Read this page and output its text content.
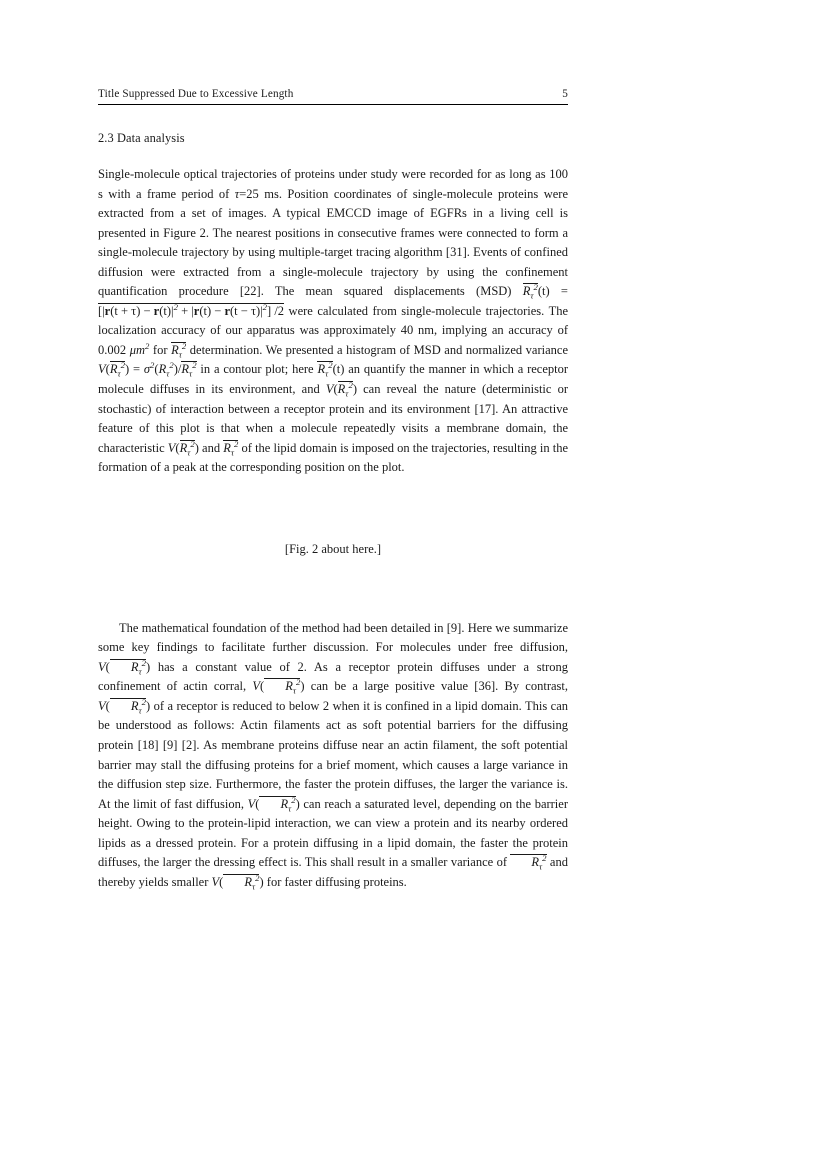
Title Suppressed Due to Excessive Length	5
2.3 Data analysis

Single-molecule optical trajectories of proteins under study were recorded for as long as 100 s with a frame period of τ=25 ms. Position coordinates of single-molecule proteins were extracted from a set of images. A typical EMCCD image of EGFRs in a living cell is presented in Figure 2. The nearest positions in consecutive frames were connected to form a single-molecule trajectory by using multiple-target tracing algorithm [31]. Events of confined diffusion were extracted from a single-molecule trajectory by using the confinement quantification procedure [22]. The mean squared displacements (MSD) $R_\tau^2(t) =[|r(t + \tau) - r(t)|^2 + |r(t) - r(t - \tau)|^2]$ /2 were calculated from single-molecule trajectories. The localization accuracy of our apparatus was approximately 40 nm, implying an accuracy of 0.002 $\mu m^2$ for $R_\tau^2$ determination. We presented a histogram of MSD and normalized variance $V(R_\tau^2) = \sigma^2(R_\tau^2)/R_\tau^2$ in a contour plot; here $R_\tau^2(t)$ an quantify the manner in which a receptor molecule diffuses in its environment, and $V(R_\tau^2)$ can reveal the nature (deterministic or stochastic) of interaction between a receptor protein and its environment [17]. An attractive feature of this plot is that when a molecule repeatedly visits a membrane domain, the characteristic $V(R_\tau^2)$ and $R_\tau^2$ of the lipid domain is imposed on the trajectories, resulting in the formation of a peak at the corresponding position on the plot.

[Fig. 2 about here.]

The mathematical foundation of the method had been detailed in [9]. Here we summarize some key findings to facilitate further discussion. For molecules under free diffusion, V( $R_\tau^2$) has a constant value of 2. As a receptor protein diffuses under a strong confinement of actin corral, V( $R_\tau^2$) can be a large positive value [36]. By contrast, V( $R_\tau^2$) of a receptor is reduced to below 2 when it is confined in a lipid domain. This can be understood as follows: Actin filaments act as soft potential barriers for the diffusing protein [18] [9] [2]. As membrane proteins diffuse near an actin filament, the soft potential barrier may stall the diffusing proteins for a brief moment, which causes a large variance in the diffusion step size. Furthermore, the faster the protein diffuses, the larger the variance is. At the limit of fast diffusion, V( $R_\tau^2$) can reach a saturated level, depending on the barrier height. Owing to the protein-lipid interaction, we can view a protein and its nearby ordered lipids as a dressed protein. For a protein diffusing in a lipid domain, the faster the protein diffuses, the larger the dressing effect is. This shall result in a smaller variance of $R_\tau^2$ and thereby yields smaller V( $R_\tau^2$) for faster diffusing proteins.
